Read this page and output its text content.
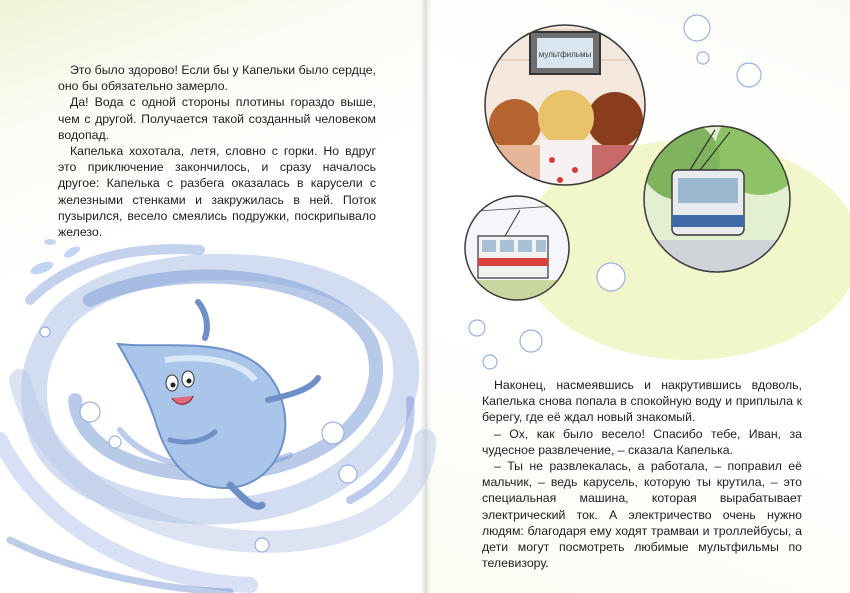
Это было здорово! Если бы у Капельки было сердце, оно бы обязательно замерло.

Да! Вода с одной стороны плотины гораздо выше, чем с другой. Получается такой созданный человеком водопад.

Капелька хохотала, летя, словно с горки. Но вдруг это приключение закончилось, и сразу началось другое: Капелька с разбега оказалась в карусели с железными стенками и закружилась в ней. Поток пузырился, весело смеялись подружки, поскрипывало железо.

мультфильмы

Наконец, насмеявшись и накрутившись вдоволь, Капелька снова попала в спокойную воду и приплыла к берегу, где её ждал новый знакомый.

– Ох, как было весело! Спасибо тебе, Иван, за чудесное развлечение, – сказала Капелька.

– Ты не развлекалась, а работала, – поправил её мальчик, – ведь карусель, которую ты крутила, – это специальная машина, которая вырабатывает электрический ток. А электричество очень нужно людям: благодаря ему ходят трамваи и троллейбусы, а дети могут посмотреть любимые мультфильмы по телевизору.
